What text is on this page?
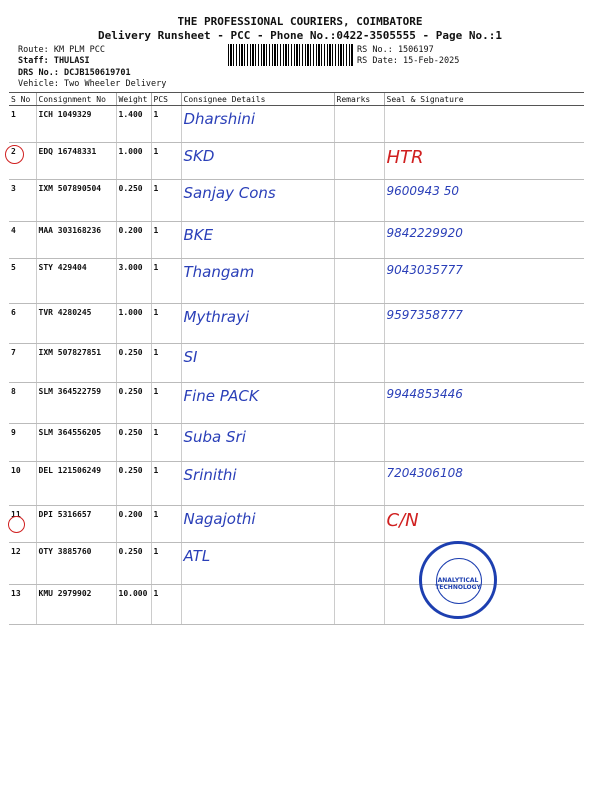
THE PROFESSIONAL COURIERS, COIMBATORE
Delivery Runsheet - PCC - Phone No.:0422-3505555 - Page No.:1
Route: KM PLM PCC
Staff: THULASI
DRS No.: DCJB150619701
Vehicle: Two Wheeler Delivery
RS No.: 1506197
RS Date: 15-Feb-2025
S No	Consignment No	Weight	PCS	Consignee Details	Remarks	Seal & Signature
1	ICH 1049329	1.400	1	Dharshini		
2	EDQ 16748331	1.000	1	SKD		HTR
3	IXM 507890504	0.250	1	Sanjay Cons		9600943 50
4	MAA 303168236	0.200	1	BKE		9842229920
5	STY 429404	3.000	1	Thangam		9043035777
6	TVR 4280245	1.000	1	Mythrayi		9597358777
7	IXM 507827851	0.250	1	SI		
8	SLM 364522759	0.250	1	Fine PACK		9944853446
9	SLM 364556205	0.250	1	Suba Sri		
10	DEL 121506249	0.250	1	Srinithi		7204306108
11	DPI 5316657	0.200	1	Nagajothi		C/N
12	OTY 3885760	0.250	1	ATL		
13	KMU 2979902	10.000	1			
ANALYTICAL TECHNOLOGY
